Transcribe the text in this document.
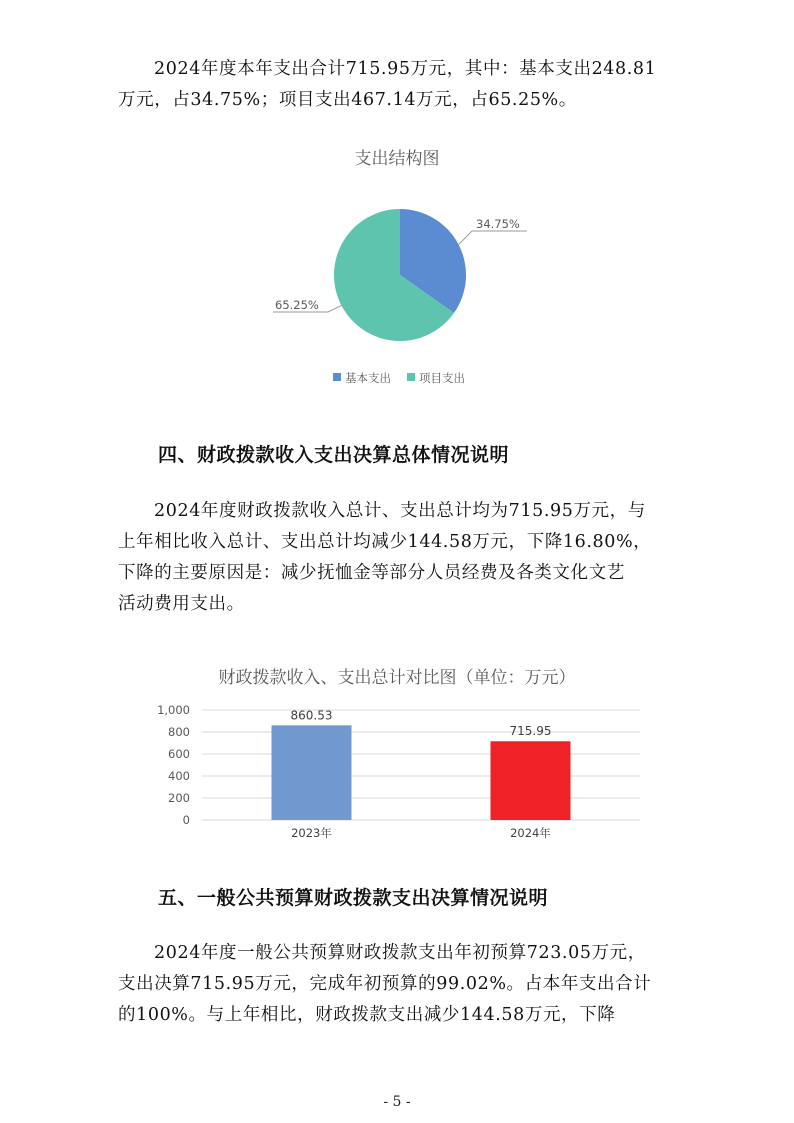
2024年度本年支出合计715.95万元，其中：基本支出248.81
万元，占34.75%；项目支出467.14万元，占65.25%。

支出结构图
34.75%
65.25%
基本支出 项目支出
四、财政拨款收入支出决算总体情况说明

2024年度财政拨款收入总计、支出总计均为715.95万元，与
上年相比收入总计、支出总计均减少144.58万元，下降16.80%，
下降的主要原因是：减少抚恤金等部分人员经费及各类文化文艺
活动费用支出。

财政拨款收入、支出总计对比图（单位：万元）
0
200
400
600
800
1,000	860.53
2023年
715.95
2024年
五、一般公共预算财政拨款支出决算情况说明

2024年度一般公共预算财政拨款支出年初预算723.05万元，
支出决算715.95万元，完成年初预算的99.02%。占本年支出合计
的100%。与上年相比，财政拨款支出减少144.58万元，下降

- 5 -
